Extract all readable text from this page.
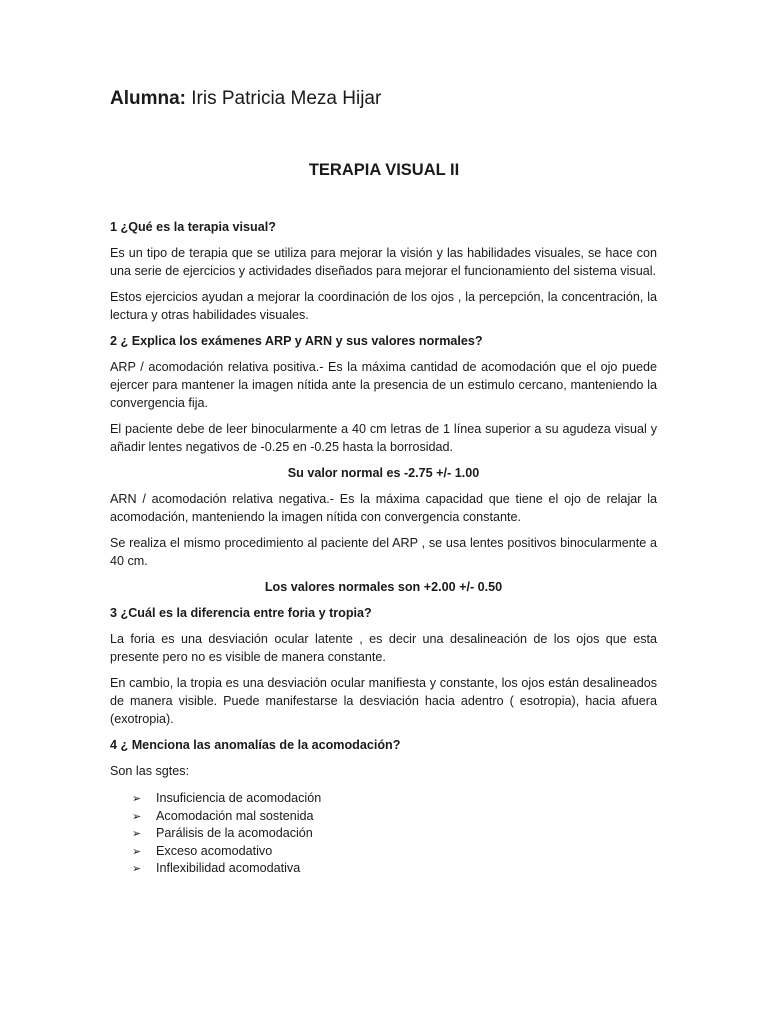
Alumna: Iris Patricia Meza Hijar
TERAPIA VISUAL II
1 ¿Qué es la terapia visual?
Es un tipo de terapia que se utiliza para mejorar la visión y las habilidades visuales, se hace con una serie de ejercicios y actividades diseñados para mejorar el funcionamiento del sistema visual.
Estos ejercicios ayudan a mejorar la coordinación de los ojos , la percepción, la concentración, la lectura y otras habilidades visuales.
2 ¿ Explica los exámenes ARP y ARN y sus valores normales?
ARP / acomodación relativa positiva.- Es la máxima cantidad de acomodación que el ojo puede ejercer para mantener la imagen nítida ante la presencia de un estimulo cercano, manteniendo la convergencia fija.
El paciente debe de leer binocularmente a 40 cm letras de 1 línea superior a su agudeza visual y añadir lentes negativos de -0.25 en -0.25 hasta la borrosidad.
Su valor normal es -2.75 +/- 1.00
ARN / acomodación relativa negativa.- Es la máxima capacidad que tiene el ojo de relajar la acomodación, manteniendo la imagen nítida con convergencia constante.
Se realiza el mismo procedimiento al paciente del ARP , se usa lentes positivos binocularmente a 40 cm.
Los valores normales son +2.00 +/- 0.50
3 ¿Cuál es la diferencia entre foria y tropia?
La foria es una desviación ocular latente , es decir una desalineación de los ojos que esta presente pero no es visible de manera constante.
En cambio, la tropia es una desviación ocular manifiesta y constante, los ojos están desalineados de manera visible. Puede manifestarse la desviación hacia adentro ( esotropia), hacia afuera (exotropia).
4 ¿ Menciona las anomalías de la acomodación?
Son las sgtes:
➢ Insuficiencia de acomodación
➢ Acomodación mal sostenida
➢ Parálisis de la acomodación
➢ Exceso acomodativo
➢ Inflexibilidad acomodativa
